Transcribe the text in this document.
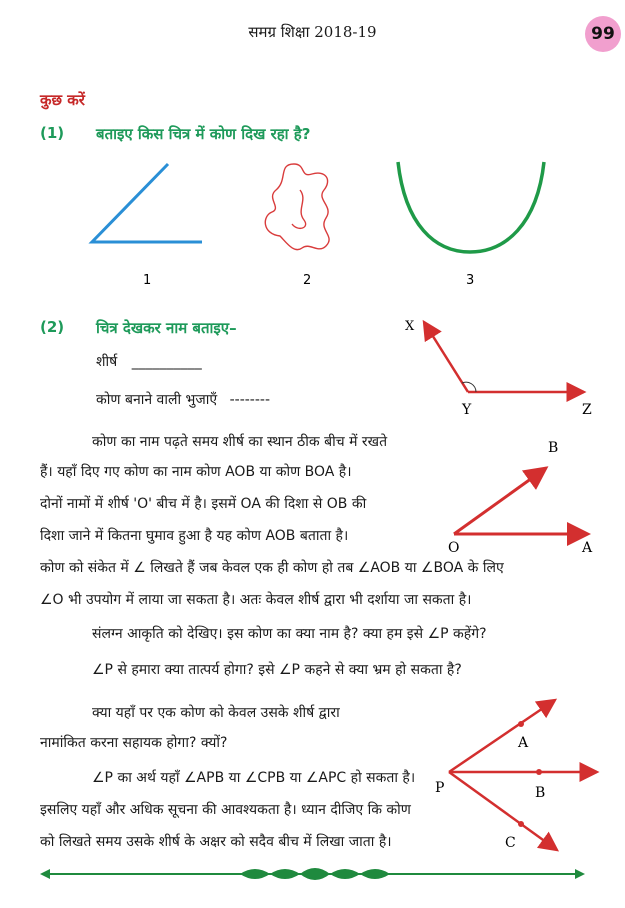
समग्र शिक्षा 2018-19	99
कुछ करें
(1) बताइए किस चित्र में कोण दिख रहा है?
1	2	3
(2) चित्र देखकर नाम बताइए–
शीर्ष __________
कोण बनाने वाली भुजाएँ --------
X
Y	Z
कोण का नाम पढ़ते समय शीर्ष का स्थान ठीक बीच में रखते
हैं। यहाँ दिए गए कोण का नाम कोण AOB या कोण BOA है।
दोनों नामों में शीर्ष 'O' बीच में है। इसमें OA की दिशा से OB की
दिशा जाने में कितना घुमाव हुआ है यह कोण AOB बताता है।
कोण को संकेत में ∠ लिखते हैं जब केवल एक ही कोण हो तब ∠AOB या ∠BOA के लिए
∠O भी उपयोग में लाया जा सकता है। अतः केवल शीर्ष द्वारा भी दर्शाया जा सकता है।
B
O	A
संलग्न आकृति को देखिए। इस कोण का क्या नाम है? क्या हम इसे ∠P कहेंगे?
∠P से हमारा क्या तात्पर्य होगा? इसे ∠P कहने से क्या भ्रम हो सकता है?
क्या यहाँ पर एक कोण को केवल उसके शीर्ष द्वारा
नामांकित करना सहायक होगा? क्यों?
∠P का अर्थ यहाँ ∠APB या ∠CPB या ∠APC हो सकता है।
इसलिए यहाँ और अधिक सूचना की आवश्यकता है। ध्यान दीजिए कि कोण
को लिखते समय उसके शीर्ष के अक्षर को सदैव बीच में लिखा जाता है।
P
A
B
C
